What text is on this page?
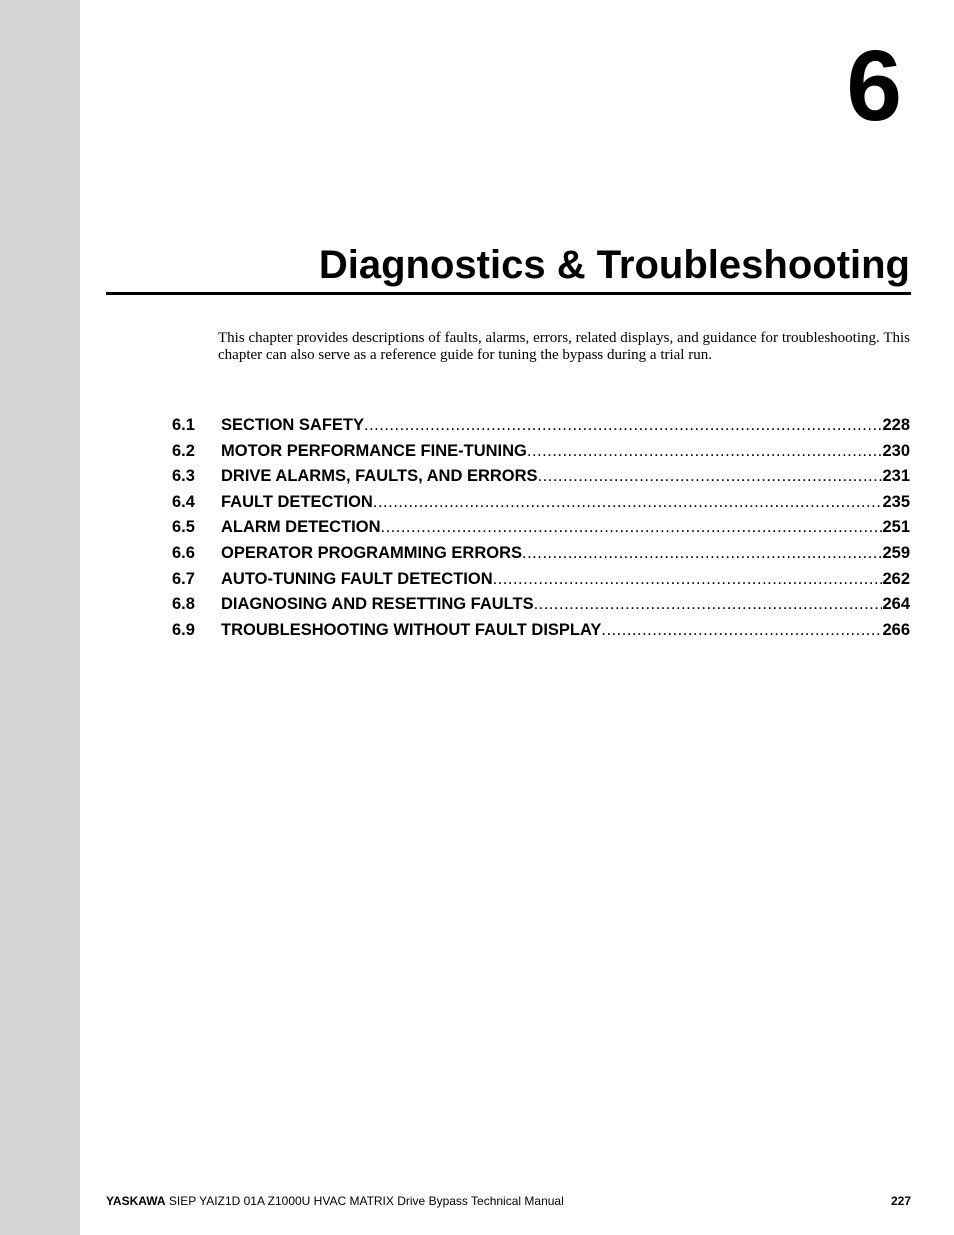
6
Diagnostics & Troubleshooting

This chapter provides descriptions of faults, alarms, errors, related displays, and guidance for troubleshooting. This chapter can also serve as a reference guide for tuning the bypass during a trial run.

6.1	SECTION SAFETY .....	228
6.2	MOTOR PERFORMANCE FINE-TUNING .....	230
6.3	DRIVE ALARMS, FAULTS, AND ERRORS .....	231
6.4	FAULT DETECTION .....	235
6.5	ALARM DETECTION .....	251
6.6	OPERATOR PROGRAMMING ERRORS .....	259
6.7	AUTO-TUNING FAULT DETECTION .....	262
6.8	DIAGNOSING AND RESETTING FAULTS .....	264
6.9	TROUBLESHOOTING WITHOUT FAULT DISPLAY .....	266
YASKAWA SIEP YAIZ1D 01A Z1000U HVAC MATRIX Drive Bypass Technical Manual	227
